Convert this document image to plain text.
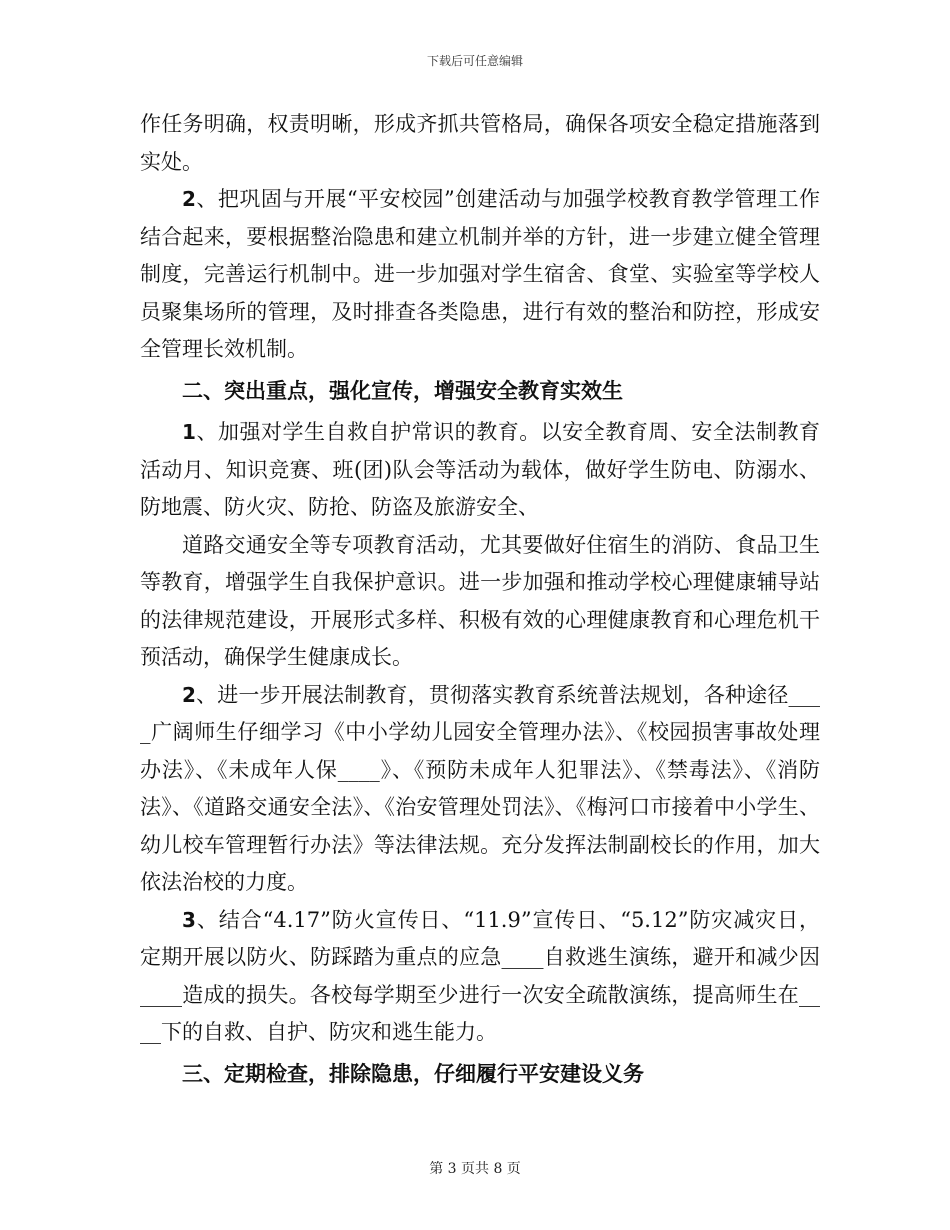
下载后可任意编辑

作任务明确，权责明晰，形成齐抓共管格局，确保各项安全稳定措施落到实处。

2、把巩固与开展“平安校园”创建活动与加强学校教育教学管理工作结合起来，要根据整治隐患和建立机制并举的方针，进一步建立健全管理制度，完善运行机制中。进一步加强对学生宿舍、食堂、实验室等学校人员聚集场所的管理，及时排查各类隐患，进行有效的整治和防控，形成安全管理长效机制。

二、突出重点，强化宣传，增强安全教育实效生

1、加强对学生自救自护常识的教育。以安全教育周、安全法制教育活动月、知识竞赛、班(团)队会等活动为载体，做好学生防电、防溺水、防地震、防火灾、防抢、防盗及旅游安全、

道路交通安全等专项教育活动，尤其要做好住宿生的消防、食品卫生等教育，增强学生自我保护意识。进一步加强和推动学校心理健康辅导站的法律规范建设，开展形式多样、积极有效的心理健康教育和心理危机干预活动，确保学生健康成长。

2、进一步开展法制教育，贯彻落实教育系统普法规划，各种途径____广阔师生仔细学习《中小学幼儿园安全管理办法》、《校园损害事故处理办法》、《未成年人保____》、《预防未成年人犯罪法》、《禁毒法》、《消防法》、《道路交通安全法》、《治安管理处罚法》、《梅河口市接着中小学生、幼儿校车管理暂行办法》等法律法规。充分发挥法制副校长的作用，加大依法治校的力度。

3、结合“4.17”防火宣传日、“11.9”宣传日、“5.12”防灾减灾日，定期开展以防火、防踩踏为重点的应急____自救逃生演练，避开和减少因____造成的损失。各校每学期至少进行一次安全疏散演练，提高师生在____下的自救、自护、防灾和逃生能力。

三、定期检查，排除隐患，仔细履行平安建设义务

第 3 页共 8 页
